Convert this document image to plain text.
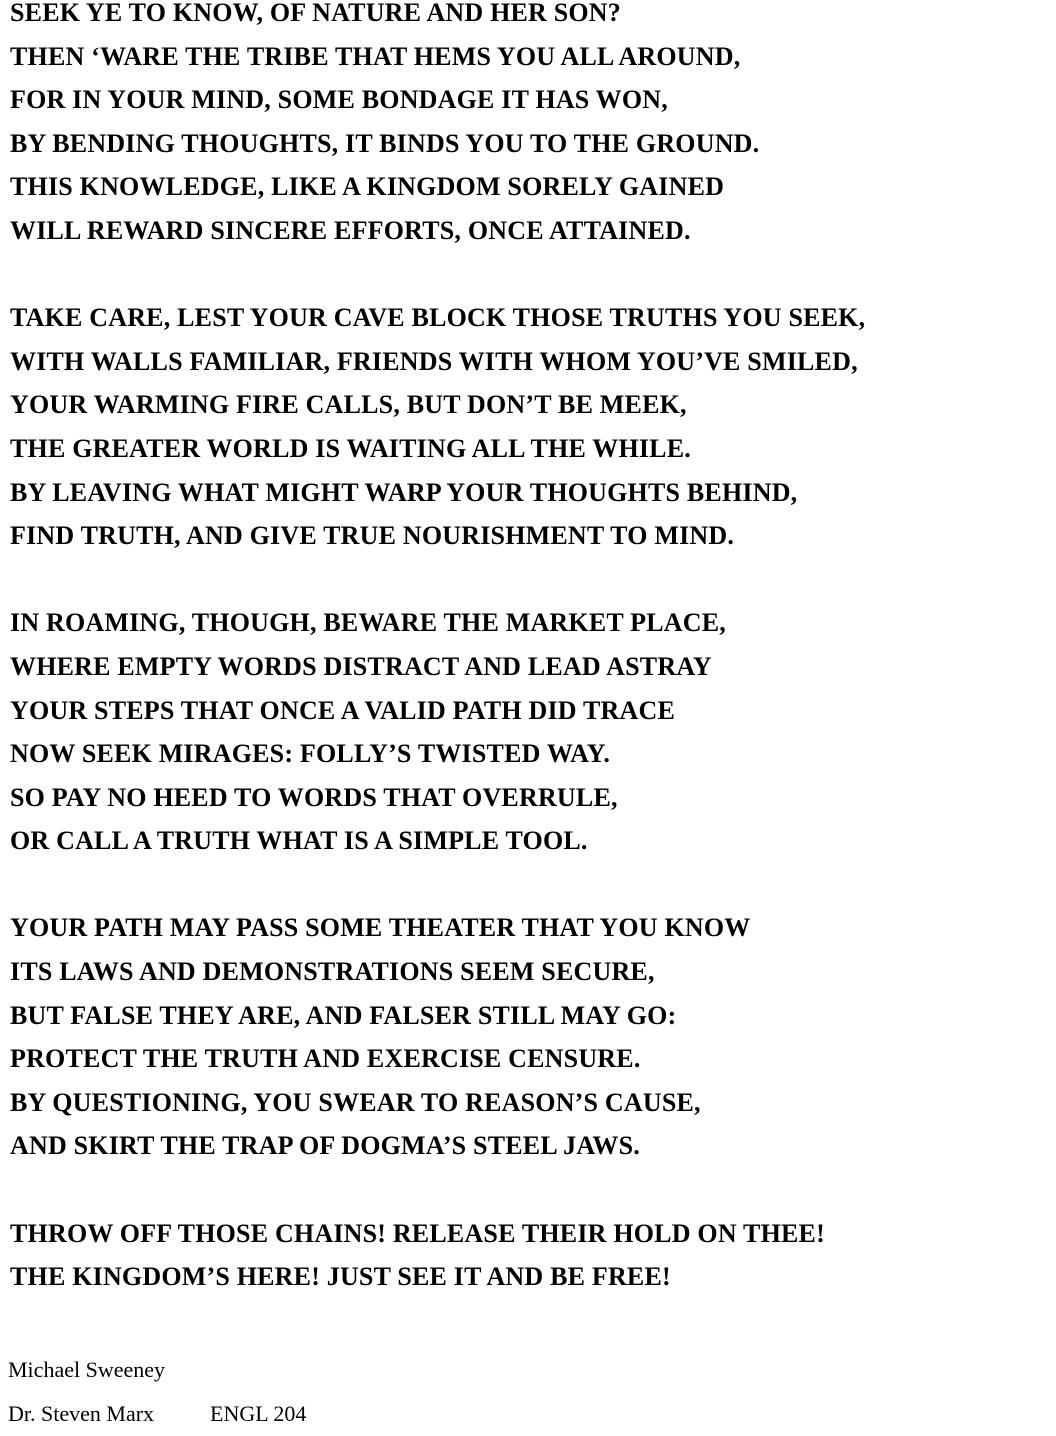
SEEK YE TO KNOW, OF NATURE AND HER SON?
THEN ‘WARE THE TRIBE THAT HEMS YOU ALL AROUND,
FOR IN YOUR MIND, SOME BONDAGE IT HAS WON,
BY BENDING THOUGHTS, IT BINDS YOU TO THE GROUND.
THIS KNOWLEDGE, LIKE A KINGDOM SORELY GAINED
WILL REWARD SINCERE EFFORTS, ONCE ATTAINED.
TAKE CARE, LEST YOUR CAVE BLOCK THOSE TRUTHS YOU SEEK,
WITH WALLS FAMILIAR, FRIENDS WITH WHOM YOU’VE SMILED,
YOUR WARMING FIRE CALLS, BUT DON’T BE MEEK,
THE GREATER WORLD IS WAITING ALL THE WHILE.
BY LEAVING WHAT MIGHT WARP YOUR THOUGHTS BEHIND,
FIND TRUTH, AND GIVE TRUE NOURISHMENT TO MIND.
IN ROAMING, THOUGH, BEWARE THE MARKET PLACE,
WHERE EMPTY WORDS DISTRACT AND LEAD ASTRAY
YOUR STEPS THAT ONCE A VALID PATH DID TRACE
NOW SEEK MIRAGES: FOLLY’S TWISTED WAY.
SO PAY NO HEED TO WORDS THAT OVERRULE,
OR CALL A TRUTH WHAT IS A SIMPLE TOOL.
YOUR PATH MAY PASS SOME THEATER THAT YOU KNOW
ITS LAWS AND DEMONSTRATIONS SEEM SECURE,
BUT FALSE THEY ARE, AND FALSER STILL MAY GO:
PROTECT THE TRUTH AND EXERCISE CENSURE.
BY QUESTIONING, YOU SWEAR TO REASON’S CAUSE,
AND SKIRT THE TRAP OF DOGMA’S STEEL JAWS.
THROW OFF THOSE CHAINS! RELEASE THEIR HOLD ON THEE!
THE KINGDOM’S HERE! JUST SEE IT AND BE FREE!
Michael Sweeney
Dr. Steven Marx	ENGL 204
